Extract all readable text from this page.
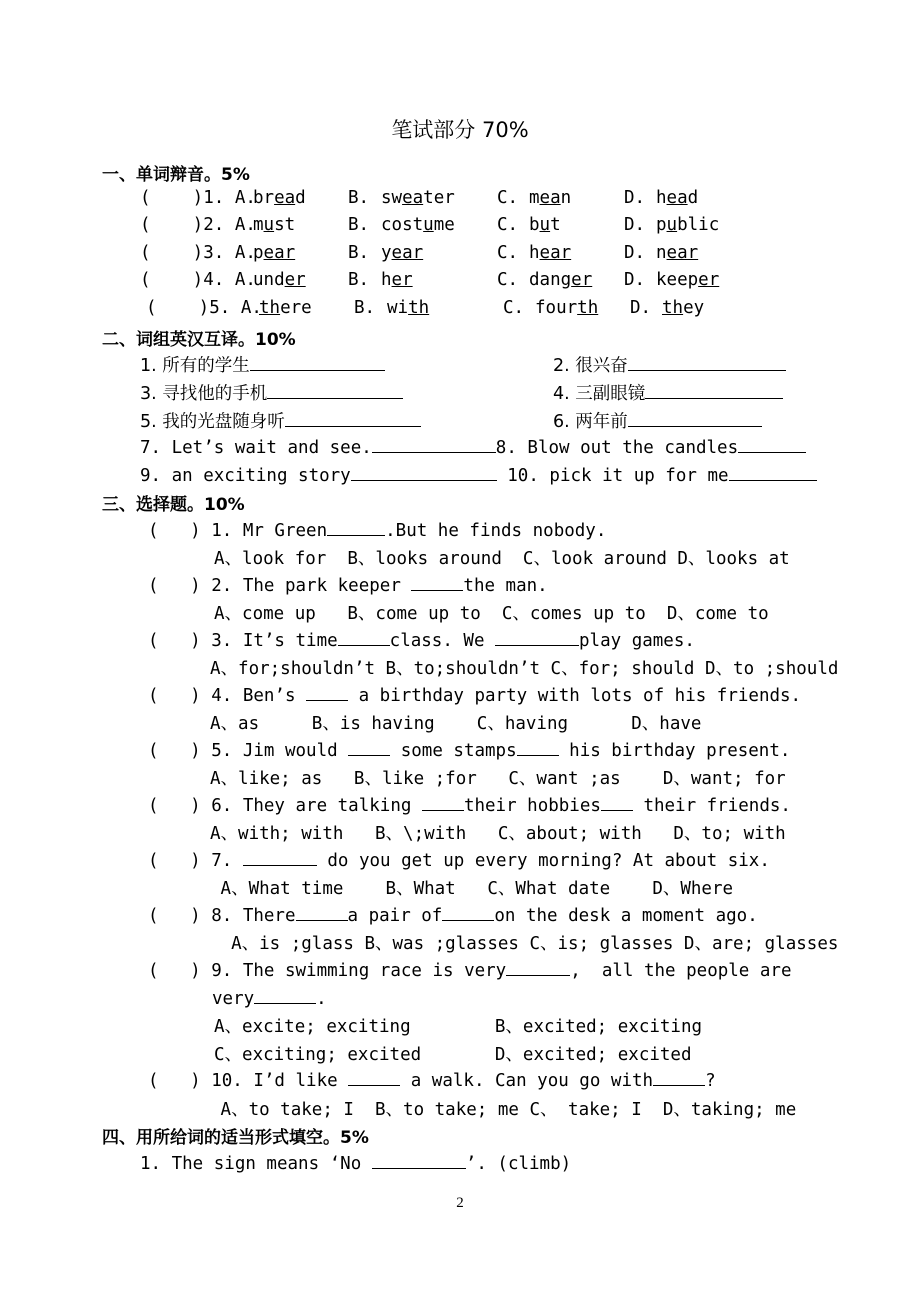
笔试部分 70%
一、单词辩音。5%
(    )1. A.
bread B. sweater C. mean	D. head
(    )2. A.
must	B. costume C. but	D. public
(    )3. A.
pear	B. year	C. hear	D. near
(    )4. A.
under B. her	C. danger D. keeper
(    )5. A.
there B. with	C. fourth D. they
二、词组英汉互译。10%
1. 所有的学生	2. 很兴奋
3. 寻找他的手机	4. 三副眼镜
5. 我的光盘随身听	6. 两年前
7. Let’s wait and see.	8. Blow out the candles
9. an exciting story	10. pick it up for me
三、选择题。10%
(   ) 1. Mr Green	.But he finds nobody.
A、look for  B、looks around  C、look around D、looks at
(   ) 2. The park keeper	the man.
A、come up   B、come up to  C、comes up to  D、come to
(   ) 3. It’s time	class. We	play games.
A、for;shouldn’t B、to;shouldn’t C、for; should D、to ;should
(   ) 4. Ben’s  a birthday party with lots of his friends.
A、as     B、is having    C、having      D、have
(   ) 5. Jim would  some stamps his birthday present.
A、like; as   B、like ;for   C、want ;as    D、want; for
(   ) 6. They are talking their hobbies their friends.
A、with; with   B、\;with   C、about; with   D、to; with
(   ) 7.	do you get up every morning? At about six.
A、What time    B、What   C、What date    D、Where
(   ) 8. There	a pair of	on the desk a moment ago.
A、is ;glass B、was ;glasses C、is; glasses D、are; glasses
(   ) 9. The swimming race is very	,  all the people are
very	.
A、excite; exciting        B、excited; exciting
C、exciting; excited       D、excited; excited
(   ) 10. I’d like	a walk. Can you go with	?
A、to take; I  B、to take; me C、 take; I  D、taking; me
四、用所给词的适当形式填空。5%
1. The sign means ‘No	’. (climb)
2
